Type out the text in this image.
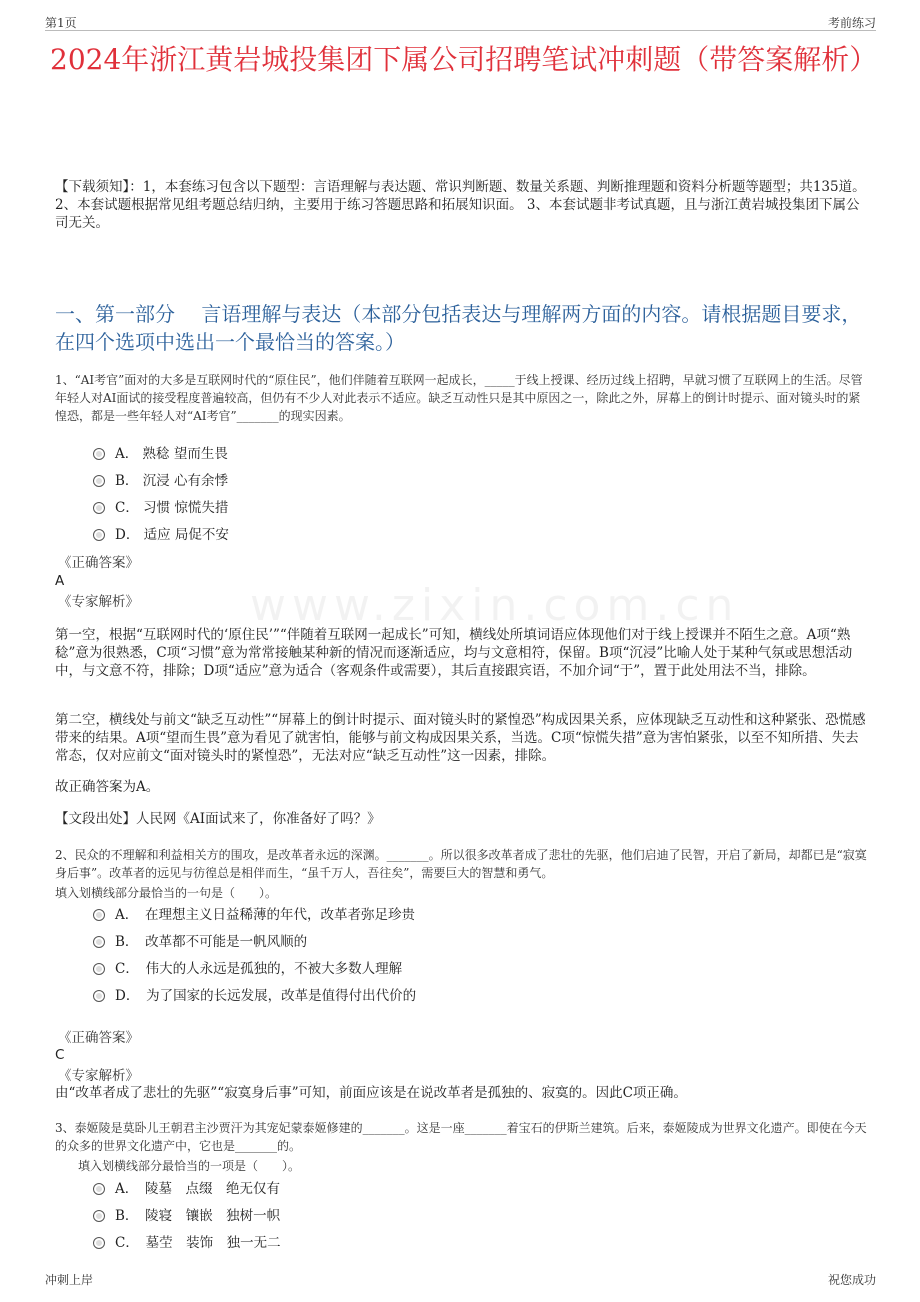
第1页	考前练习
2024年浙江黄岩城投集团下属公司招聘笔试冲刺题（带答案解析）
【下载须知】：1，本套练习包含以下题型：言语理解与表达题、常识判断题、数量关系题、判断推理题和资料分析题等题型；共135道。 2、本套试题根据常见组考题总结归纳，主要用于练习答题思路和拓展知识面。 3、本套试题非考试真题，且与浙江黄岩城投集团下属公司无关。
一、第一部分　 言语理解与表达（本部分包括表达与理解两方面的内容。请根据题目要求，在四个选项中选出一个最恰当的答案。）
www.zixin.com.cn
1、“AI考官”面对的大多是互联网时代的“原住民”，他们伴随着互联网一起成长，_____于线上授课、经历过线上招聘，早就习惯了互联网上的生活。尽管年轻人对AI面试的接受程度普遍较高，但仍有不少人对此表示不适应。缺乏互动性只是其中原因之一，除此之外，屏幕上的倒计时提示、面对镜头时的紧惶恐，都是一些年轻人对“AI考官”_______的现实因素。
A． 熟稔 望而生畏
B． 沉浸 心有余悸
C． 习惯 惊慌失措
D． 适应 局促不安
《正确答案》
A
《专家解析》
第一空，根据“互联网时代的‘原住民’”“伴随着互联网一起成长”可知，横线处所填词语应体现他们对于线上授课并不陌生之意。A项“熟稔”意为很熟悉，C项“习惯”意为常常接触某种新的情况而逐渐适应，均与文意相符，保留。B项“沉浸”比喻人处于某种气氛或思想活动中，与文意不符，排除；D项“适应”意为适合（客观条件或需要），其后直接跟宾语，不加介词“于”，置于此处用法不当，排除。
第二空，横线处与前文“缺乏互动性”“屏幕上的倒计时提示、面对镜头时的紧惶恐”构成因果关系，应体现缺乏互动性和这种紧张、恐慌感带来的结果。A项“望而生畏”意为看见了就害怕，能够与前文构成因果关系，当选。C项“惊慌失措”意为害怕紧张，以至不知所措、失去常态，仅对应前文“面对镜头时的紧惶恐”，无法对应“缺乏互动性”这一因素，排除。
故正确答案为A。
【文段出处】人民网《AI面试来了，你准备好了吗？》
2、民众的不理解和利益相关方的围攻，是改革者永远的深渊。_______。所以很多改革者成了悲壮的先驱，他们启迪了民智，开启了新局，却都已是“寂寞身后事”。改革者的远见与彷徨总是相伴而生，“虽千万人，吾往矣”，需要巨大的智慧和勇气。
填入划横线部分最恰当的一句是（　　）。
A．　在理想主义日益稀薄的年代，改革者弥足珍贵
B．　改革都不可能是一帆风顺的
C．　伟大的人永远是孤独的，不被大多数人理解
D．　为了国家的长远发展，改革是值得付出代价的
《正确答案》
C
《专家解析》
由“改革者成了悲壮的先驱”“寂寞身后事”可知，前面应该是在说改革者是孤独的、寂寞的。因此C项正确。
3、泰姬陵是莫卧儿王朝君主沙贾汗为其宠妃蒙泰姬修建的_______。这是一座_______着宝石的伊斯兰建筑。后来，泰姬陵成为世界文化遗产。即使在今天的众多的世界文化遗产中，它也是_______的。
填入划横线部分最恰当的一项是（　　）。
A．　陵墓　点缀　绝无仅有
B．　陵寝　镶嵌　独树一帜
C．　墓茔　装饰　独一无二
冲刺上岸	祝您成功
